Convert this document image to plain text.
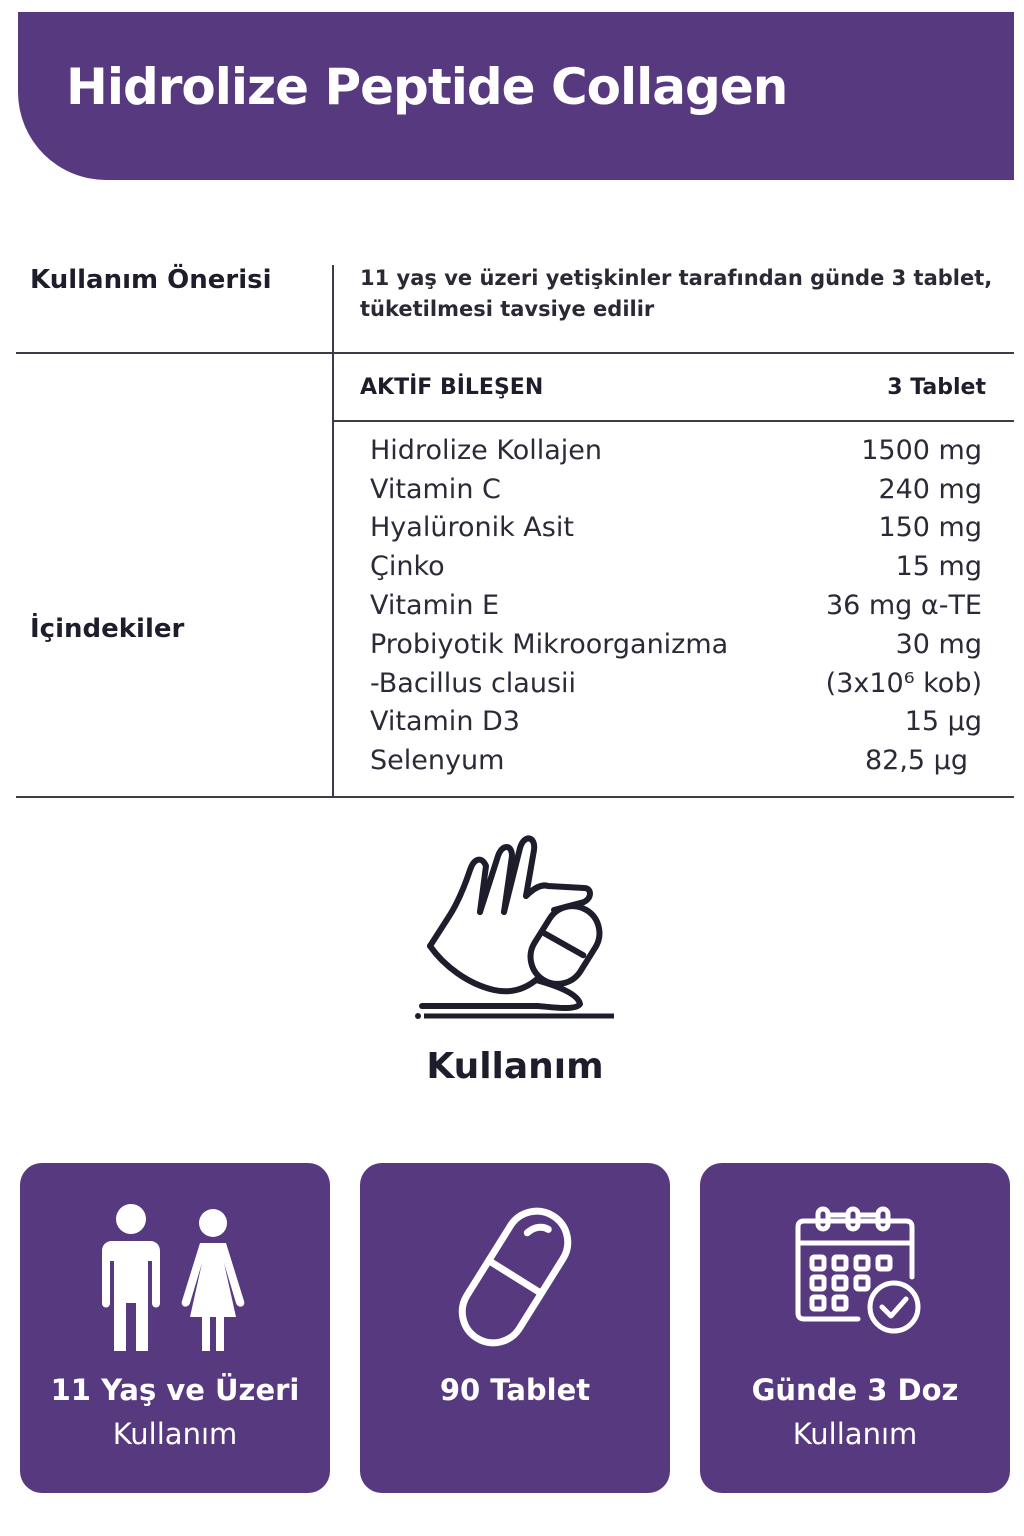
Hidrolize Peptide Collagen
Kullanım Önerisi	11 yaş ve üzeri yetişkinler tarafından günde 3 tablet,
tüketilmesi tavsiye edilir
İçindekiler
AKTİF BİLEŞEN	3 Tablet
Hidrolize Kollajen	1500 mg
Vitamin C	240 mg
Hyalüronik Asit	150 mg
Çinko	15 mg
Vitamin E	36 mg α-TE
Probiyotik Mikroorganizma	30 mg
-Bacillus clausii	(3x10⁶ kob)
Vitamin D3	15 µg
Selenyum	82,5 µg
Kullanım
11 Yaş ve Üzeri
Kullanım
90 Tablet	Günde 3 Doz
Kullanım
